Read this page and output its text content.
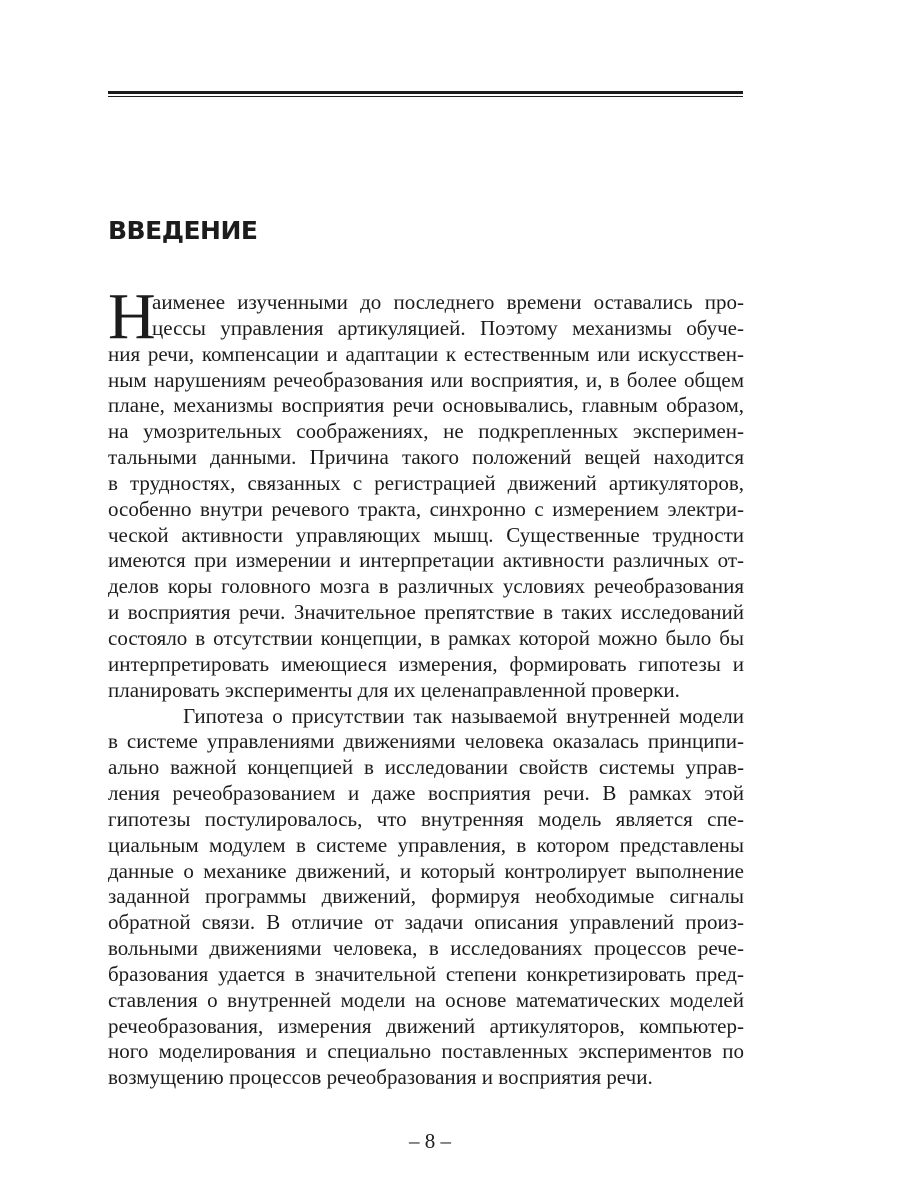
ВВЕДЕНИЕ
Н
аименее изученными до последнего времени оставались про-
цессы управления артикуляцией. Поэтому механизмы обуче-
ния речи, компенсации и адаптации к естественным или искусствен-
ным нарушениям речеобразования или восприятия, и, в более общем
плане, механизмы восприятия речи основывались, главным образом,
на умозрительных соображениях, не подкрепленных эксперимен-
тальными данными. Причина такого положений вещей находится
в трудностях, связанных с регистрацией движений артикуляторов,
особенно внутри речевого тракта, синхронно с измерением электри-
ческой активности управляющих мышц. Существенные трудности
имеются при измерении и интерпретации активности различных от-
делов коры головного мозга в различных условиях речеобразования
и восприятия речи. Значительное препятствие в таких исследований
состояло в отсутствии концепции, в рамках которой можно было бы
интерпретировать имеющиеся измерения, формировать гипотезы и
планировать эксперименты для их целенаправленной проверки.
Гипотеза о присутствии так называемой внутренней модели
в системе управлениями движениями человека оказалась принципи-
ально важной концепцией в исследовании свойств системы управ-
ления речеобразованием и даже восприятия речи. В рамках этой
гипотезы постулировалось, что внутренняя модель является спе-
циальным модулем в системе управления, в котором представлены
данные о механике движений, и который контролирует выполнение
заданной программы движений, формируя необходимые сигналы
обратной связи. В отличие от задачи описания управлений произ-
вольными движениями человека, в исследованиях процессов рече-
бразования удается в значительной степени конкретизировать пред-
ставления о внутренней модели на основе математических моделей
речеобразования, измерения движений артикуляторов, компьютер-
ного моделирования и специально поставленных экспериментов по
возмущению процессов речеобразования и восприятия речи.
– 8 –
